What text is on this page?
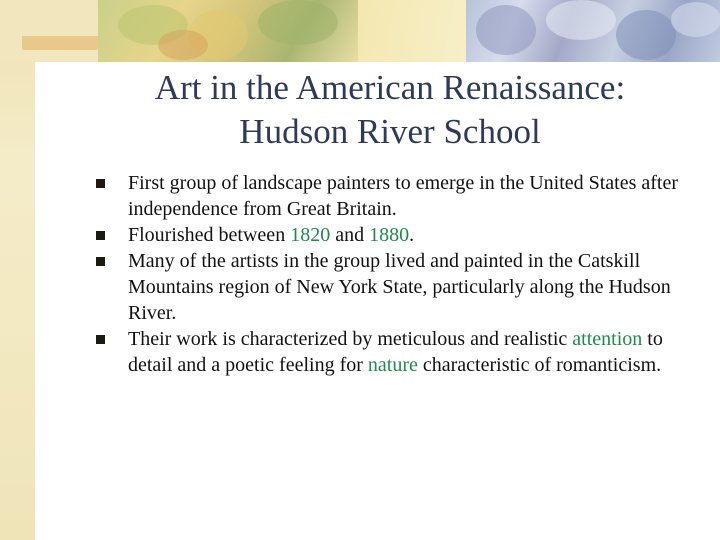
Art in the American Renaissance:
Hudson River School
First group of landscape painters to emerge in the United States after independence from Great Britain.
Flourished between 1820 and 1880.
Many of the artists in the group lived and painted in the Catskill Mountains region of New York State, particularly along the Hudson River.
Their work is characterized by meticulous and realistic attention to detail and a poetic feeling for nature characteristic of romanticism.
